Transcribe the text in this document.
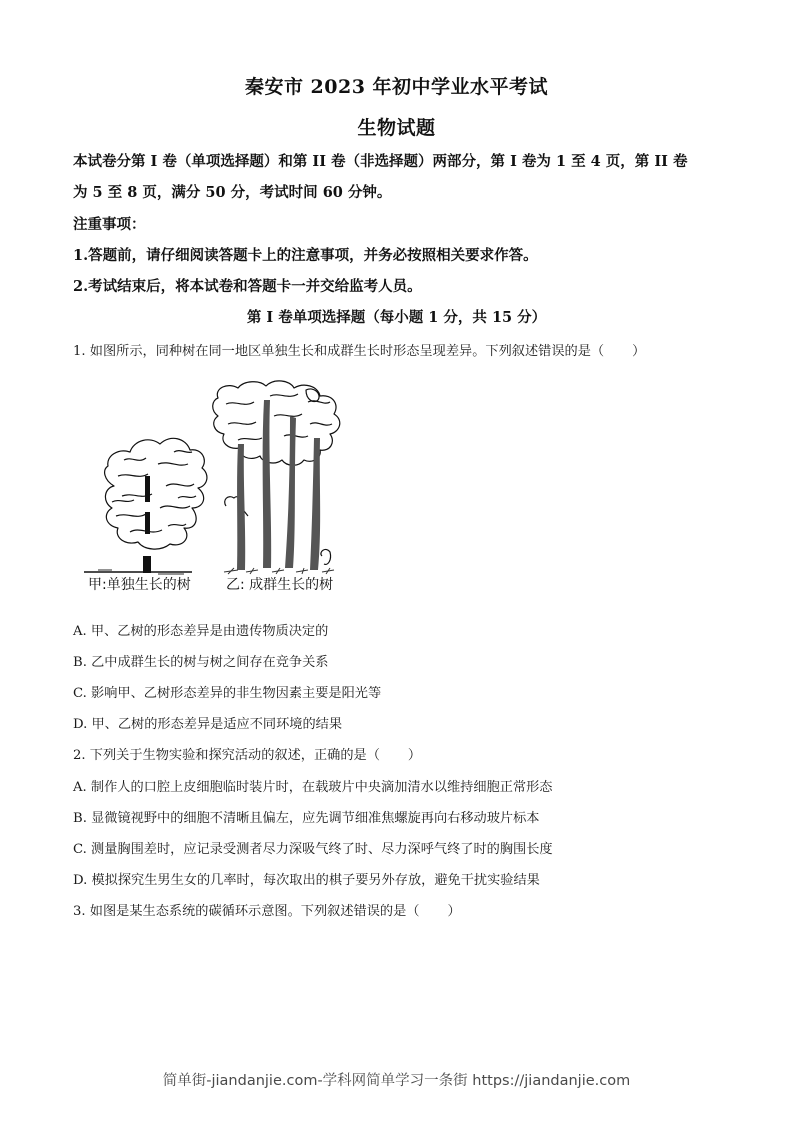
秦安市 2023 年初中学业水平考试
生物试题
本试卷分第 I 卷（单项选择题）和第 II 卷（非选择题）两部分，第 I 卷为 1 至 4 页，第 II 卷
为 5 至 8 页，满分 50 分，考试时间 60 分钟。
注重事项：
1.答题前，请仔细阅读答题卡上的注意事项，并务必按照相关要求作答。
2.考试结束后，将本试卷和答题卡一并交给监考人员。
第 I 卷单项选择题（每小题 1 分，共 15 分）
1. 如图所示，同种树在同一地区单独生长和成群生长时形态呈现差异。下列叙述错误的是（ ）
甲:单独生长的树	乙: 成群生长的树
A. 甲、乙树的形态差异是由遗传物质决定的
B. 乙中成群生长的树与树之间存在竞争关系
C. 影响甲、乙树形态差异的非生物因素主要是阳光等
D. 甲、乙树的形态差异是适应不同环境的结果
2. 下列关于生物实验和探究活动的叙述，正确的是（ ）
A. 制作人的口腔上皮细胞临时装片时，在载玻片中央滴加清水以维持细胞正常形态
B. 显微镜视野中的细胞不清晰且偏左，应先调节细准焦螺旋再向右移动玻片标本
C. 测量胸围差时，应记录受测者尽力深吸气终了时、尽力深呼气终了时的胸围长度
D. 模拟探究生男生女的几率时，每次取出的棋子要另外存放，避免干扰实验结果
3. 如图是某生态系统的碳循环示意图。下列叙述错误的是（ ）
简单街-jiandanjie.com-学科网简单学习一条街 https://jiandanjie.com
